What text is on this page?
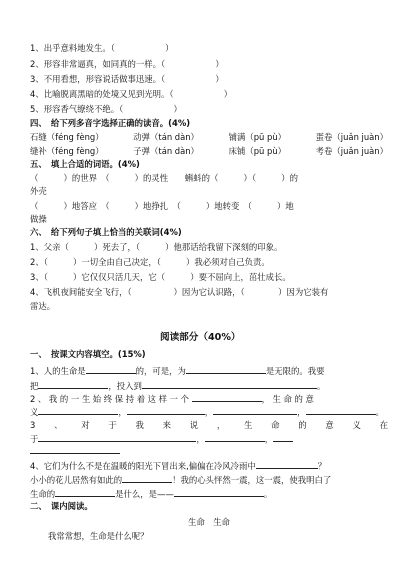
1、出乎意料地发生。（　　　　　　）
2、形容非常逼真，如同真的一样。（　　　　　　）
3、不用看想，形容说话做事迅速。（　　　　　　）
4、比喻脱离黑暗的处境又见到光明。（　　　　　　）
5、形容香气缭绕不绝。（　　　　　　）
四、　给下列多音字选择正确的读音。(4%)
石缝（féng fèng）	动弹（tán dàn）	铺满（pū pù）	蛋卷（juǎn juàn）
缝补（féng fèng）	子弹（tán dàn）	床铺（pū pù）	考卷（juǎn juàn）
五、　填上合适的词语。(4%)
（　　　）的世界　（　　　）的灵性　　蝌蚪的（　　　）（　　　）的
外壳
（　　　）地答应　（　　　）地挣扎　（　　　）地转变　（　　　）地
做操
六、　给下列句子填上恰当的关联词(4%)
1、父亲（　　　）死去了，（　　　）他那话给我留下深刻的印象。
2、（　　　）一切全由自己决定，（　　　）我必须对自己负责。
3、（　　　）它仅仅只活几天，它（　　　）要不屈向上，茁壮成长。
4、飞机夜间能安全飞行，（　　　　　）因为它认识路，（　　　　）因为它装有
雷达。
阅读部分（40%）
一、　按课文内容填空。(15%)
1、人的生命是	的，可是，为	是无限的。我要
把	，投入到	。
2、我的一生始终保持着这样一个	，生命的意
义	，	，	，	。
3 、 对 于 我 来 说 ， 生 命 的 意 义 在
于	，	，
4、它们为什么不是在温暖的阳光下冒出来,偏偏在冷风冷雨中	？
小小的花儿居然有如此的	！我的心头怦然一震，这一震，使我明白了
生命的	是什么，是——	。
二、　课内阅读。
生命　生命
我常常想，生命是什么呢？
